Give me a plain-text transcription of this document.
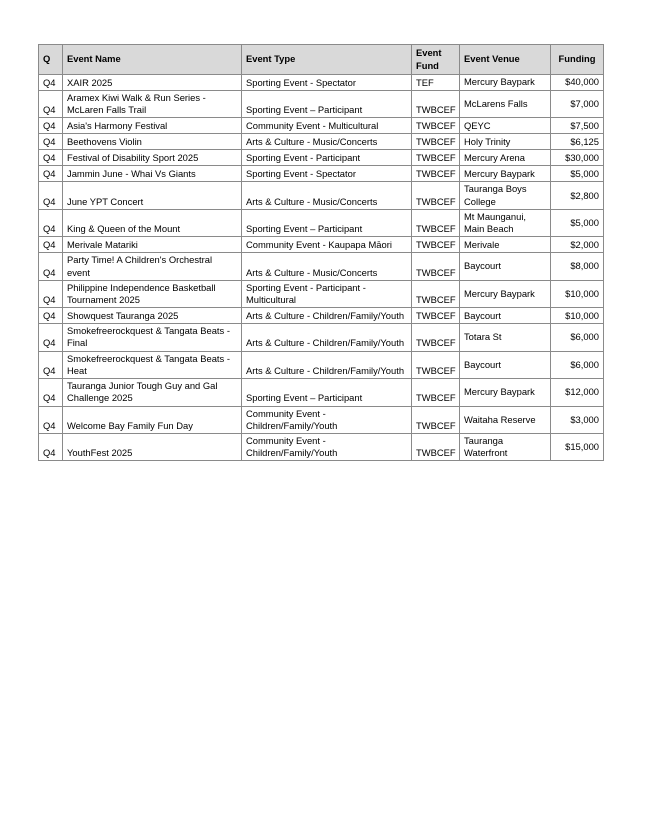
Q	Event Name	Event Type	Event Fund	Event Venue	Funding
Q4	XAIR 2025	Sporting Event - Spectator	TEF	Mercury Baypark	$40,000
Q4	Aramex Kiwi Walk & Run Series - McLaren Falls Trail	Sporting Event – Participant	TWBCEF	McLarens Falls	$7,000
Q4	Asia's Harmony Festival	Community Event - Multicultural	TWBCEF	QEYC	$7,500
Q4	Beethovens Violin	Arts & Culture - Music/Concerts	TWBCEF	Holy Trinity	$6,125
Q4	Festival of Disability Sport 2025	Sporting Event - Participant	TWBCEF	Mercury Arena	$30,000
Q4	Jammin June - Whai Vs Giants	Sporting Event - Spectator	TWBCEF	Mercury Baypark	$5,000
Q4	June YPT Concert	Arts & Culture - Music/Concerts	TWBCEF	Tauranga Boys College	$2,800
Q4	King & Queen of the Mount	Sporting Event – Participant	TWBCEF	Mt Maunganui, Main Beach	$5,000
Q4	Merivale Matariki	Community Event - Kaupapa Māori	TWBCEF	Merivale	$2,000
Q4	Party Time! A Children's Orchestral event	Arts & Culture - Music/Concerts	TWBCEF	Baycourt	$8,000
Q4	Philippine Independence Basketball Tournament 2025	Sporting Event - Participant - Multicultural	TWBCEF	Mercury Baypark	$10,000
Q4	Showquest Tauranga 2025	Arts & Culture - Children/Family/Youth	TWBCEF	Baycourt	$10,000
Q4	Smokefreerockquest & Tangata Beats - Final	Arts & Culture - Children/Family/Youth	TWBCEF	Totara St	$6,000
Q4	Smokefreerockquest & Tangata Beats - Heat	Arts & Culture - Children/Family/Youth	TWBCEF	Baycourt	$6,000
Q4	Tauranga Junior Tough Guy and Gal Challenge 2025	Sporting Event – Participant	TWBCEF	Mercury Baypark	$12,000
Q4	Welcome Bay Family Fun Day	Community Event - Children/Family/Youth	TWBCEF	Waitaha Reserve	$3,000
Q4	YouthFest 2025	Community Event - Children/Family/Youth	TWBCEF	Tauranga Waterfront	$15,000
